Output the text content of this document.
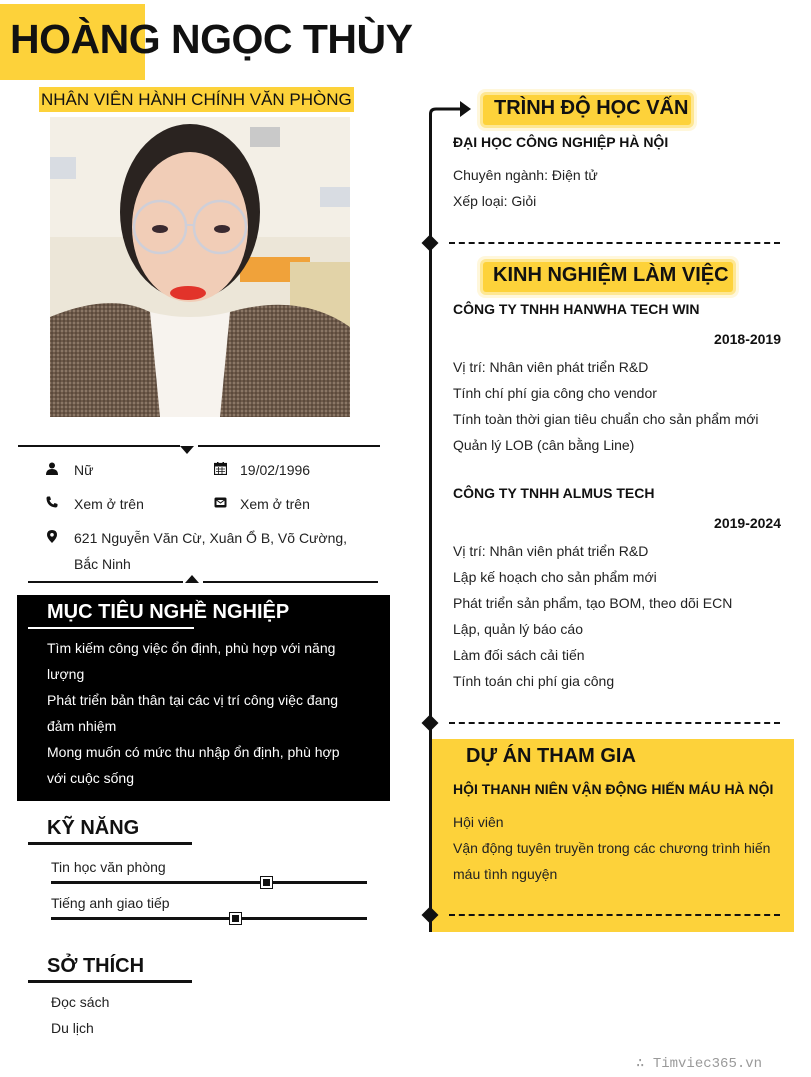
HOÀNG NGỌC THÙY
NHÂN VIÊN HÀNH CHÍNH VĂN PHÒNG
Nữ	19/02/1996
Xem ở trên	Xem ở trên
621 Nguyễn Văn Cừ, Xuân Ổ B, Võ Cường,
Bắc Ninh
MỤC TIÊU NGHỀ NGHIỆP
Tìm kiếm công việc ổn định, phù hợp với năng
lượng
Phát triển bản thân tại các vị trí công việc đang
đảm nhiệm
Mong muốn có mức thu nhập ổn định, phù hợp
với cuộc sống
KỸ NĂNG
Tin học văn phòng
Tiếng anh giao tiếp
SỞ THÍCH
Đọc sách
Du lịch
TRÌNH ĐỘ HỌC VẤN
ĐẠI HỌC CÔNG NGHIỆP HÀ NỘI
Chuyên ngành: Điện tử
Xếp loại: Giỏi
KINH NGHIỆM LÀM VIỆC
CÔNG TY TNHH HANWHA TECH WIN
2018-2019
Vị trí: Nhân viên phát triển R&D
Tính chí phí gia công cho vendor
Tính toàn thời gian tiêu chuẩn cho sản phẩm mới
Quản lý LOB (cân bằng Line)
CÔNG TY TNHH ALMUS TECH
2019-2024
Vị trí: Nhân viên phát triển R&D
Lập kế hoạch cho sản phẩm mới
Phát triển sản phẩm, tạo BOM, theo dõi ECN
Lập, quản lý báo cáo
Làm đối sách cải tiến
Tính toán chi phí gia công
DỰ ÁN THAM GIA
HỘI THANH NIÊN VẬN ĐỘNG HIẾN MÁU HÀ NỘI
Hội viên
Vận động tuyên truyền trong các chương trình hiến
máu tình nguyện
∴ Timviec365.vn
